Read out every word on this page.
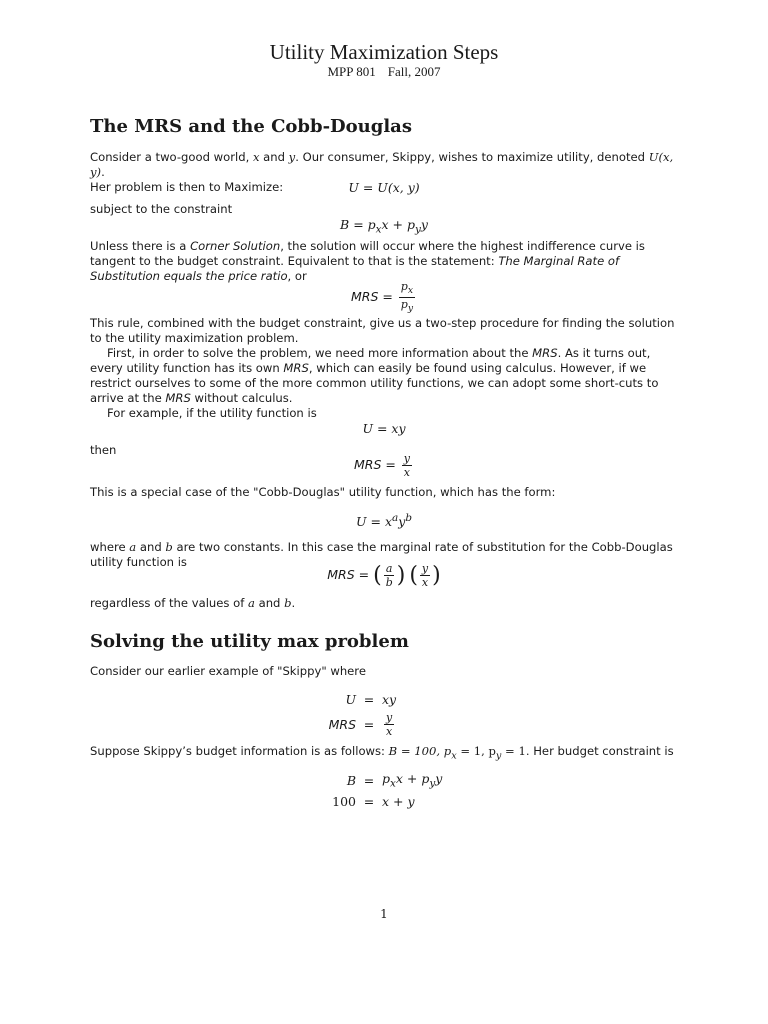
Utility Maximization Steps
MPP 801 Fall, 2007
The MRS and the Cobb-Douglas
Consider a two-good world, x and y. Our consumer, Skippy, wishes to maximize utility, denoted U(x, y).
Her problem is then to Maximize:	U = U(x, y)
subject to the constraint
$B = p_xx + p_yy$
Unless there is a Corner Solution, the solution will occur where the highest indifference curve is tangent to the budget constraint. Equivalent to that is the statement: The Marginal Rate of Substitution equals the price ratio, or
MRS = $\frac{p_x}{p_y}$
This rule, combined with the budget constraint, give us a two-step procedure for finding the solution to the utility maximization problem.
First, in order to solve the problem, we need more information about the MRS. As it turns out, every utility function has its own MRS, which can easily be found using calculus. However, if we restrict ourselves to some of the more common utility functions, we can adopt some short-cuts to arrive at the MRS without calculus.
For example, if the utility function is
U = xy
then
MRS = $\frac{y}{x}$
This is a special case of the "Cobb-Douglas" utility function, which has the form:
$U = x^ay^b$
where a and b are two constants. In this case the marginal rate of substitution for the Cobb-Douglas utility function is
MRS = ( $\frac{a}{b}$ ) ( $\frac{y}{x}$ )
regardless of the values of a and b.
Solving the utility max problem
Consider our earlier example of "Skippy" where
U = xy
MRS = $\frac{y}{x}$
Suppose Skippy’s budget information is as follows: B = 100, $p_x = 1$, $p_y = 1$. Her budget constraint is
$B = p_xx + p_yy$
100 = x + y
1
